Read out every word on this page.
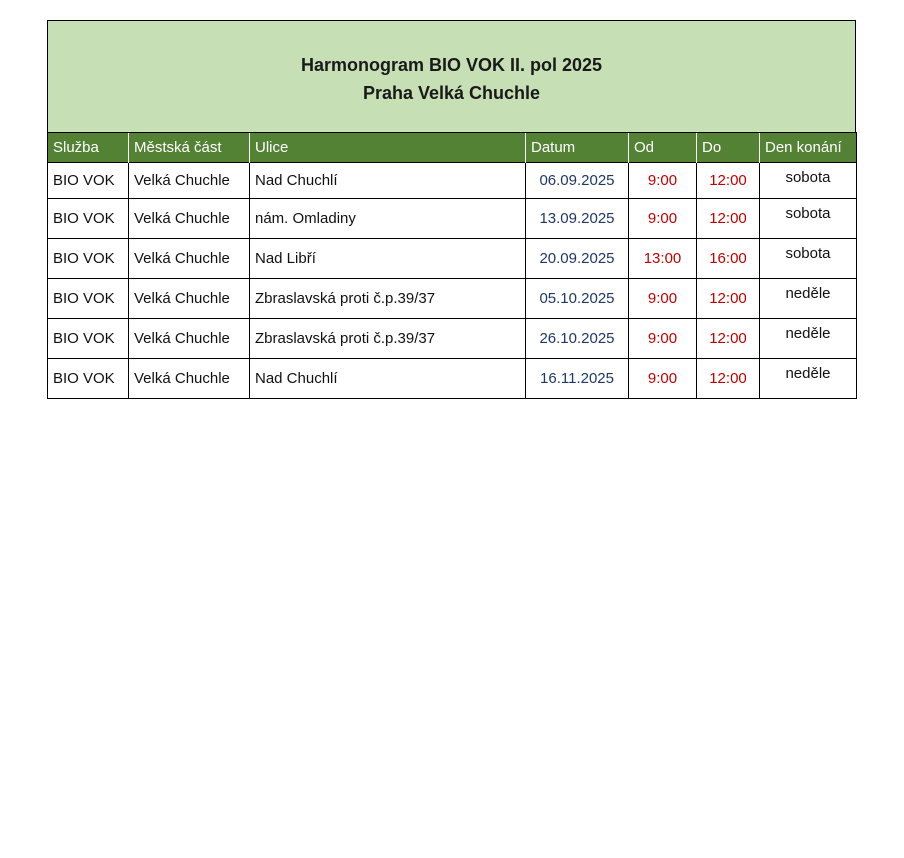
Harmonogram BIO VOK II. pol 2025
Praha Velká Chuchle
Služba	Městská část	Ulice	Datum	Od	Do	Den konání
BIO VOK	Velká Chuchle	Nad Chuchlí	06.09.2025	9:00	12:00	sobota
BIO VOK	Velká Chuchle	nám. Omladiny	13.09.2025	9:00	12:00	sobota
BIO VOK	Velká Chuchle	Nad Libří	20.09.2025	13:00	16:00	sobota
BIO VOK	Velká Chuchle	Zbraslavská proti č.p.39/37	05.10.2025	9:00	12:00	neděle
BIO VOK	Velká Chuchle	Zbraslavská proti č.p.39/37	26.10.2025	9:00	12:00	neděle
BIO VOK	Velká Chuchle	Nad Chuchlí	16.11.2025	9:00	12:00	neděle
